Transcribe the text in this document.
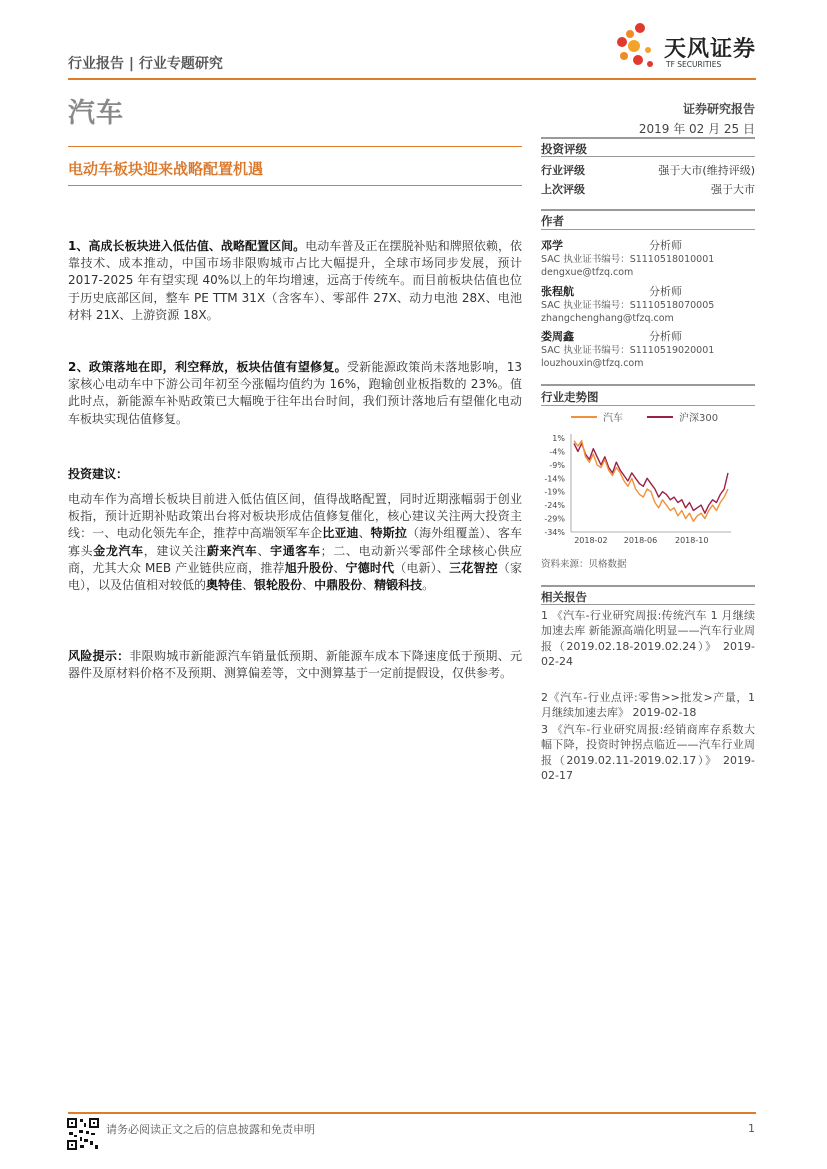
行业报告 | 行业专题研究
天风证券
TF SECURITIES
汽车	证券研究报告
2019 年 02 月 25 日
电动车板块迎来战略配置机遇
1、高成长板块进入低估值、战略配置区间。电动车普及正在摆脱补贴和牌照依赖，依靠技术、成本推动，中国市场非限购城市占比大幅提升，全球市场同步发展，预计 2017-2025 年有望实现 40%以上的年均增速，远高于传统车。而目前板块估值也位于历史底部区间，整车 PE TTM 31X（含客车）、零部件 27X、动力电池 28X、电池材料 21X、上游资源 18X。
2、政策落地在即，利空释放，板块估值有望修复。受新能源政策尚未落地影响，13 家核心电动车中下游公司年初至今涨幅均值约为 16%，跑输创业板指数的 23%。值此时点，新能源车补贴政策已大幅晚于往年出台时间，我们预计落地后有望催化电动车板块实现估值修复。
投资建议：
电动车作为高增长板块目前进入低估值区间，值得战略配置，同时近期涨幅弱于创业板指，预计近期补贴政策出台将对板块形成估值修复催化，核心建议关注两大投资主线：一、电动化领先车企，推荐中高端领军车企比亚迪、特斯拉（海外组覆盖）、客车寡头金龙汽车，建议关注蔚来汽车、宇通客车；二、电动新兴零部件全球核心供应商，尤其大众 MEB 产业链供应商，推荐旭升股份、宁德时代（电新）、三花智控（家电），以及估值相对较低的奥特佳、银轮股份、中鼎股份、精锻科技。
风险提示：非限购城市新能源汽车销量低预期、新能源车成本下降速度低于预期、元器件及原材料价格不及预期、测算偏差等，文中测算基于一定前提假设，仅供参考。
投资评级
行业评级	强于大市(维持评级)
上次评级	强于大市
作者
邓学	分析师
SAC 执业证书编号：S1110518010001
dengxue@tfzq.com
张程航	分析师
SAC 执业证书编号：S1110518070005
zhangchenghang@tfzq.com
娄周鑫	分析师
SAC 执业证书编号：S1110519020001
louzhouxin@tfzq.com
行业走势图
汽车	沪深300
1%
-4%
-9%
-14%
-19%
-24%
-29%
-34%
2018-02 2018-06 2018-10
资料来源：贝格数据
相关报告
1 《汽车-行业研究周报:传统汽车 1 月继续加速去库 新能源高端化明显——汽车行业周报（2019.02.18-2019.02.24）》 2019-02-24
2《汽车-行业点评:零售>>批发>产量，1 月继续加速去库》 2019-02-18
3 《汽车-行业研究周报:经销商库存系数大幅下降，投资时钟拐点临近——汽车行业周报（2019.02.11-2019.02.17）》 2019-02-17
请务必阅读正文之后的信息披露和免责申明	1
